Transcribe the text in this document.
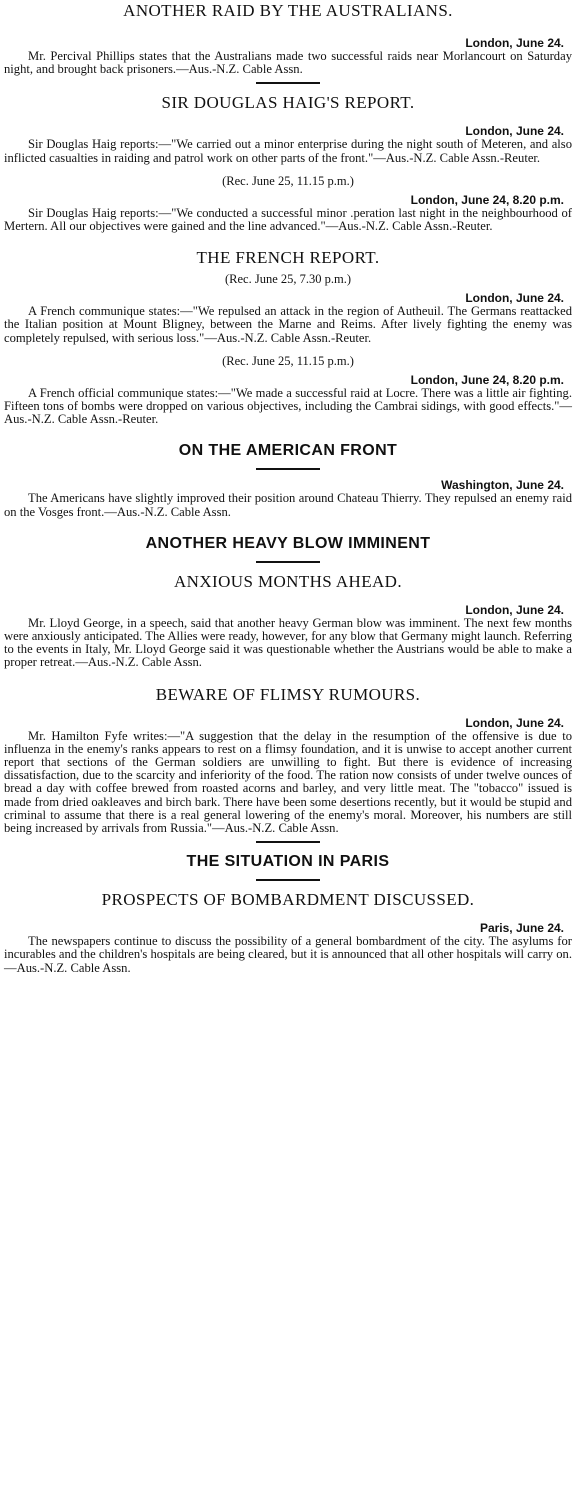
ANOTHER RAID BY THE AUSTRALIANS.
London, June 24.

Mr. Percival Phillips states that the Australians made two successful raids near Morlancourt on Saturday night, and brought back prisoners.—Aus.-N.Z. Cable Assn.

SIR DOUGLAS HAIG'S REPORT.
London, June 24.

Sir Douglas Haig reports:—"We carried out a minor enterprise during the night south of Meteren, and also inflicted casualties in raiding and patrol work on other parts of the front."—Aus.-N.Z. Cable Assn.-Reuter.

(Rec. June 25, 11.15 p.m.)
London, June 24, 8.20 p.m.

Sir Douglas Haig reports:—"We conducted a successful minor .peration last night in the neighbourhood of Mertern. All our objectives were gained and the line advanced."—Aus.-N.Z. Cable Assn.-Reuter.

THE FRENCH REPORT.
(Rec. June 25, 7.30 p.m.)
London, June 24.

A French communique states:—"We repulsed an attack in the region of Autheuil. The Germans reattacked the Italian position at Mount Bligney, between the Marne and Reims. After lively fighting the enemy was completely repulsed, with serious loss."—Aus.-N.Z. Cable Assn.-Reuter.

(Rec. June 25, 11.15 p.m.)
London, June 24, 8.20 p.m.

A French official communique states:—"We made a successful raid at Locre. There was a little air fighting. Fifteen tons of bombs were dropped on various objectives, including the Cambrai sidings, with good effects."—Aus.-N.Z. Cable Assn.-Reuter.

ON THE AMERICAN FRONT
Washington, June 24.

The Americans have slightly improved their position around Chateau Thierry. They repulsed an enemy raid on the Vosges front.—Aus.-N.Z. Cable Assn.

ANOTHER HEAVY BLOW IMMINENT
ANXIOUS MONTHS AHEAD.
London, June 24.

Mr. Lloyd George, in a speech, said that another heavy German blow was imminent. The next few months were anxiously anticipated. The Allies were ready, however, for any blow that Germany might launch. Referring to the events in Italy, Mr. Lloyd George said it was questionable whether the Austrians would be able to make a proper retreat.—Aus.-N.Z. Cable Assn.

BEWARE OF FLIMSY RUMOURS.
London, June 24.

Mr. Hamilton Fyfe writes:—"A suggestion that the delay in the resumption of the offensive is due to influenza in the enemy's ranks appears to rest on a flimsy foundation, and it is unwise to accept another current report that sections of the German soldiers are unwilling to fight. But there is evidence of increasing dissatisfaction, due to the scarcity and inferiority of the food. The ration now consists of under twelve ounces of bread a day with coffee brewed from roasted acorns and barley, and very little meat. The "tobacco" issued is made from dried oakleaves and birch bark. There have been some desertions recently, but it would be stupid and criminal to assume that there is a real general lowering of the enemy's moral. Moreover, his numbers are still being increased by arrivals from Russia."—Aus.-N.Z. Cable Assn.

THE SITUATION IN PARIS
PROSPECTS OF BOMBARDMENT DISCUSSED.
Paris, June 24.

The newspapers continue to discuss the possibility of a general bombardment of the city. The asylums for incurables and the children's hospitals are being cleared, but it is announced that all other hospitals will carry on.—Aus.-N.Z. Cable Assn.
